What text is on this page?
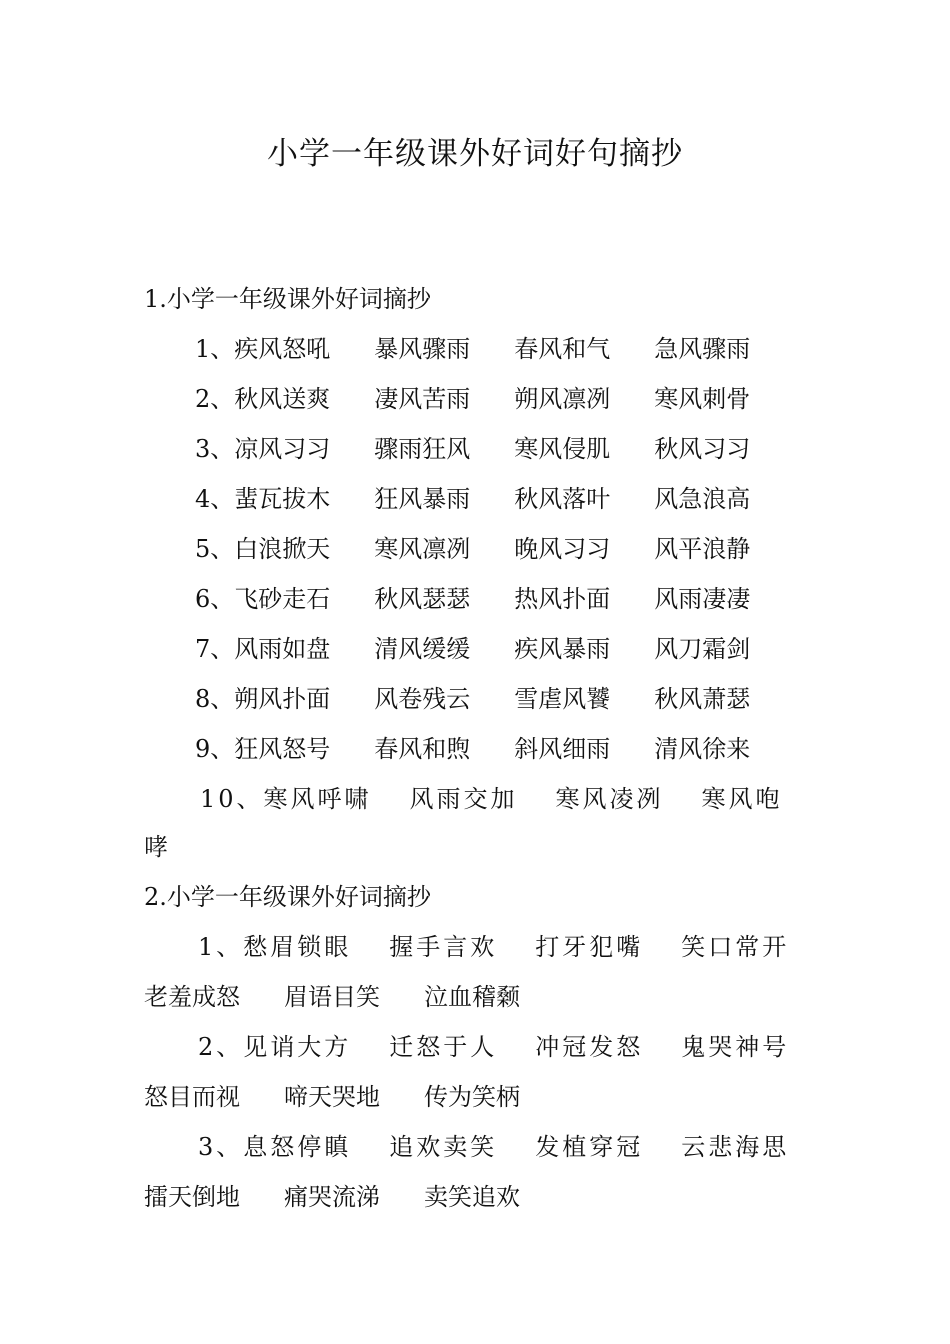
小学一年级课外好词好句摘抄
1.小学一年级课外好词摘抄
1、疾风怒吼 暴风骤雨 春风和气 急风骤雨
2、秋风送爽 凄风苦雨 朔风凛冽 寒风刺骨
3、凉风习习 骤雨狂风 寒风侵肌 秋风习习
4、蜚瓦拔木 狂风暴雨 秋风落叶 风急浪高
5、白浪掀天 寒风凛冽 晚风习习 风平浪静
6、飞砂走石 秋风瑟瑟 热风扑面 风雨凄凄
7、风雨如盘 清风缓缓 疾风暴雨 风刀霜剑
8、朔风扑面 风卷残云 雪虐风饕 秋风萧瑟
9、狂风怒号 春风和煦 斜风细雨 清风徐来
10、寒风呼啸 风雨交加 寒风凌冽 寒风咆
哮
2.小学一年级课外好词摘抄
1、愁眉锁眼 握手言欢 打牙犯嘴 笑口常开
老羞成怒 眉语目笑 泣血稽颡
2、见诮大方 迁怒于人 冲冠发怒 鬼哭神号
怒目而视 啼天哭地 传为笑柄
3、息怒停瞋 追欢卖笑 发植穿冠 云悲海思
擂天倒地 痛哭流涕 卖笑追欢
